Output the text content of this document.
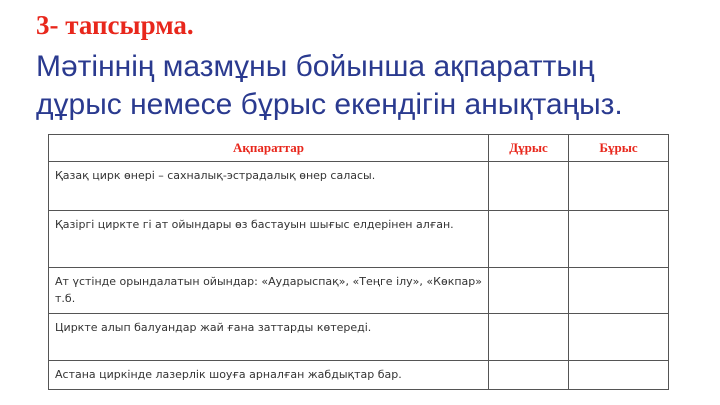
3- тапсырма.
Мәтіннің мазмұны бойынша ақпараттың
дұрыс немесе бұрыс екендігін анықтаңыз.
Ақпараттар	Дұрыс	Бұрыс
Қазақ цирк өнері – сахналық-эстрадалық өнер саласы.		
Қазіргі циркте гі ат ойындары өз бастауын шығыс елдерінен алған.		
Ат үстінде орындалатын ойындар: «Аударыспақ», «Теңге ілу», «Көкпар» т.б.		
Циркте алып балуандар жай ғана заттарды көтереді.		
Астана циркінде лазерлік шоуға арналған жабдықтар бар.		
